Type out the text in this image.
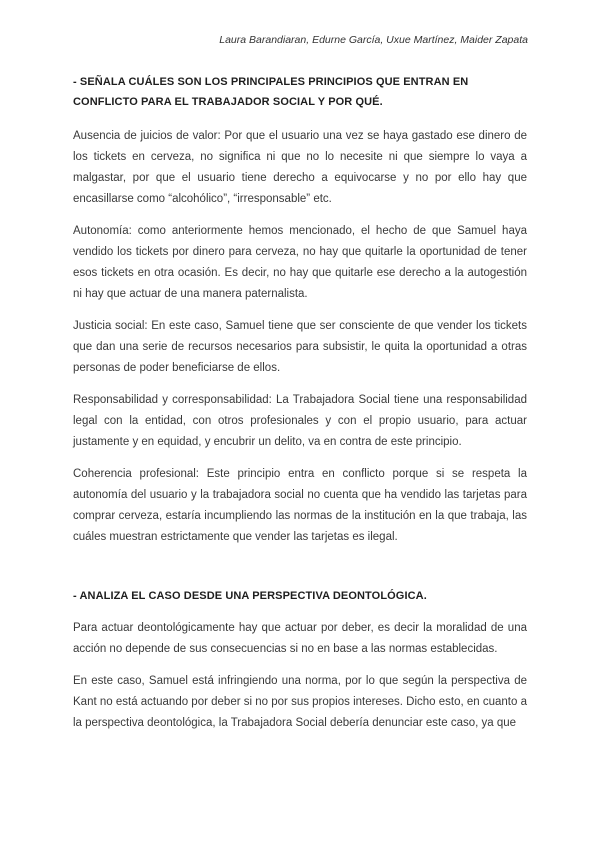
Laura Barandiaran, Edurne García, Uxue Martínez, Maider Zapata
- SEÑALA CUÁLES SON LOS PRINCIPALES PRINCIPIOS QUE ENTRAN EN CONFLICTO PARA EL TRABAJADOR SOCIAL Y POR QUÉ.

Ausencia de juicios de valor: Por que el usuario una vez se haya gastado ese dinero de los tickets en cerveza, no significa ni que no lo necesite ni que siempre lo vaya a malgastar, por que el usuario tiene derecho a equivocarse y no por ello hay que encasillarse como “alcohólico”, “irresponsable” etc.

Autonomía: como anteriormente hemos mencionado, el hecho de que Samuel haya vendido los tickets por dinero para cerveza, no hay que quitarle la oportunidad de tener esos tickets en otra ocasión. Es decir, no hay que quitarle ese derecho a la autogestión ni hay que actuar de una manera paternalista.

Justicia social: En este caso, Samuel tiene que ser consciente de que vender los tickets que dan una serie de recursos necesarios para subsistir, le quita la oportunidad a otras personas de poder beneficiarse de ellos.

Responsabilidad y corresponsabilidad: La Trabajadora Social tiene una responsabilidad legal con la entidad, con otros profesionales y con el propio usuario, para actuar justamente y en equidad, y encubrir un delito, va en contra de este principio.

Coherencia profesional: Este principio entra en conflicto porque si se respeta la autonomía del usuario y la trabajadora social no cuenta que ha vendido las tarjetas para comprar cerveza, estaría incumpliendo las normas de la institución en la que trabaja, las cuáles muestran estrictamente que vender las tarjetas es ilegal.

- ANALIZA EL CASO DESDE UNA PERSPECTIVA DEONTOLÓGICA.

Para actuar deontológicamente hay que actuar por deber, es decir la moralidad de una acción no depende de sus consecuencias si no en base a las normas establecidas.

En este caso, Samuel está infringiendo una norma, por lo que según la perspectiva de Kant no está actuando por deber si no por sus propios intereses. Dicho esto, en cuanto a la perspectiva deontológica, la Trabajadora Social debería denunciar este caso, ya que
